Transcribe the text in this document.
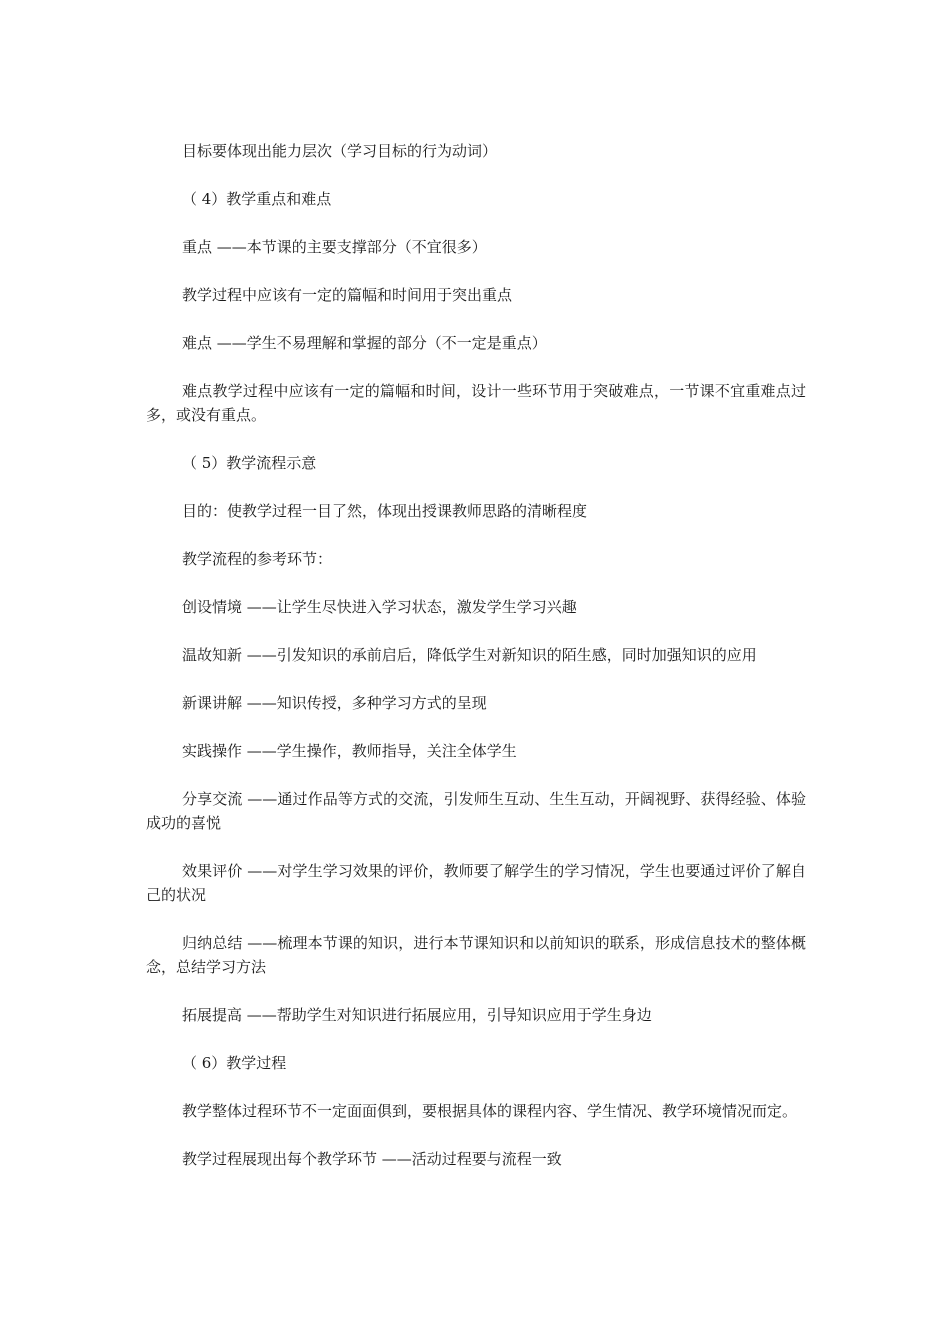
目标要体现出能力层次（学习目标的行为动词）

（ 4）教学重点和难点

重点 ——本节课的主要支撑部分（不宜很多）

教学过程中应该有一定的篇幅和时间用于突出重点

难点 ——学生不易理解和掌握的部分（不一定是重点）

难点教学过程中应该有一定的篇幅和时间，设计一些环节用于突破难点，一节课不宜重难点过多，或没有重点。

（ 5）教学流程示意

目的：使教学过程一目了然，体现出授课教师思路的清晰程度

教学流程的参考环节：

创设情境 ——让学生尽快进入学习状态，激发学生学习兴趣

温故知新 ——引发知识的承前启后，降低学生对新知识的陌生感，同时加强知识的应用

新课讲解 ——知识传授，多种学习方式的呈现

实践操作 ——学生操作，教师指导，关注全体学生

分享交流 ——通过作品等方式的交流，引发师生互动、生生互动，开阔视野、获得经验、体验成功的喜悦

效果评价 ——对学生学习效果的评价，教师要了解学生的学习情况，学生也要通过评价了解自己的状况

归纳总结 ——梳理本节课的知识，进行本节课知识和以前知识的联系，形成信息技术的整体概念，总结学习方法

拓展提高 ——帮助学生对知识进行拓展应用，引导知识应用于学生身边

（ 6）教学过程

教学整体过程环节不一定面面俱到，要根据具体的课程内容、学生情况、教学环境情况而定。

教学过程展现出每个教学环节 ——活动过程要与流程一致
